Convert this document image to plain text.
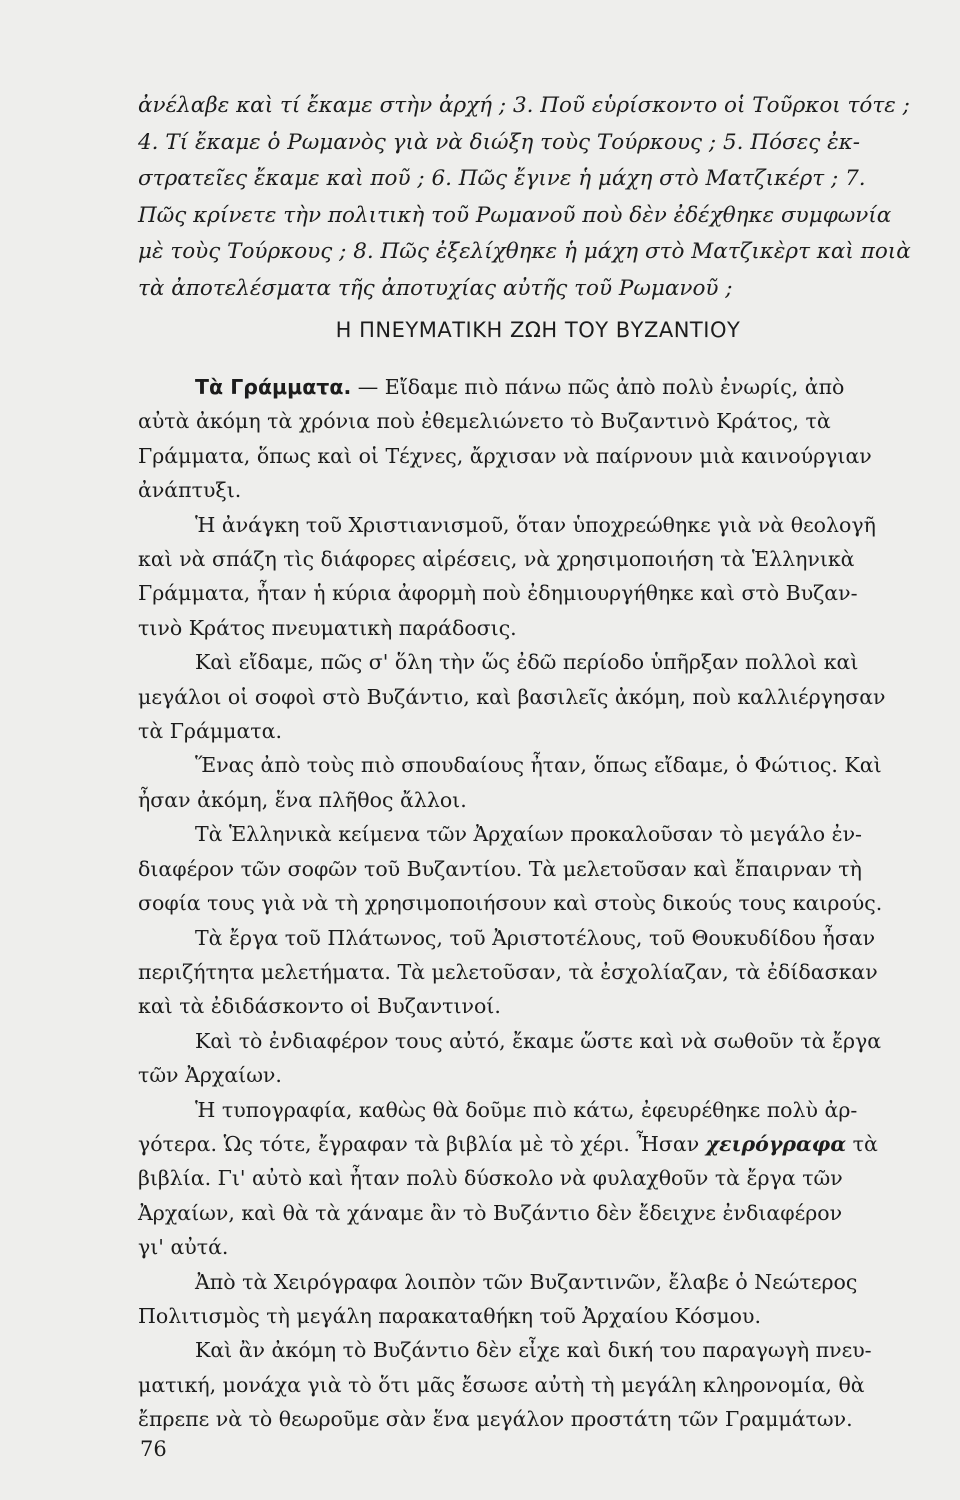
ἀνέλαβε καὶ τί ἔκαμε στὴν ἀρχή ; 3. Ποῦ εὑρίσκοντο οἱ Τοῦρκοι τότε ;
4. Τί ἔκαμε ὁ Ρωμανὸς γιὰ νὰ διώξη τοὺς Τούρκους ; 5. Πόσες ἐκ-
στρατεῖες ἔκαμε καὶ ποῦ ; 6. Πῶς ἔγινε ἡ μάχη στὸ Ματζικέρτ ; 7.
Πῶς κρίνετε τὴν πολιτικὴ τοῦ Ρωμανοῦ ποὺ δὲν ἐδέχθηκε συμφωνία
μὲ τοὺς Τούρκους ; 8. Πῶς ἐξελίχθηκε ἡ μάχη στὸ Ματζικὲρτ καὶ ποιὰ
τὰ ἀποτελέσματα τῆς ἀποτυχίας αὐτῆς τοῦ Ρωμανοῦ ;
Η ΠΝΕΥΜΑΤΙΚΗ ΖΩΗ ΤΟΥ ΒΥΖΑΝΤΙΟΥ
Τὰ Γράμματα. — Εἴδαμε πιὸ πάνω πῶς ἀπὸ πολὺ ἐνωρίς, ἀπὸ
αὐτὰ ἀκόμη τὰ χρόνια ποὺ ἐθεμελιώνετο τὸ Βυζαντινὸ Κράτος, τὰ
Γράμματα, ὅπως καὶ οἱ Τέχνες, ἄρχισαν νὰ παίρνουν μιὰ καινούργιαν
ἀνάπτυξι.
Ἡ ἀνάγκη τοῦ Χριστιανισμοῦ, ὅταν ὑποχρεώθηκε γιὰ νὰ θεολογῆ
καὶ νὰ σπάζη τὶς διάφορες αἱρέσεις, νὰ χρησιμοποιήση τὰ Ἑλληνικὰ
Γράμματα, ἦταν ἡ κύρια ἀφορμὴ ποὺ ἐδημιουργήθηκε καὶ στὸ Βυζαν-
τινὸ Κράτος πνευματικὴ παράδοσις.
Καὶ εἴδαμε, πῶς σ' ὅλη τὴν ὥς ἐδῶ περίοδο ὑπῆρξαν πολλοὶ καὶ
μεγάλοι οἱ σοφοὶ στὸ Βυζάντιο, καὶ βασιλεῖς ἀκόμη, ποὺ καλλιέργησαν
τὰ Γράμματα.
Ἕνας ἀπὸ τοὺς πιὸ σπουδαίους ἦταν, ὅπως εἴδαμε, ὁ Φώτιος. Καὶ
ἦσαν ἀκόμη, ἕνα πλῆθος ἄλλοι.
Τὰ Ἑλληνικὰ κείμενα τῶν Ἀρχαίων προκαλοῦσαν τὸ μεγάλο ἐν-
διαφέρον τῶν σοφῶν τοῦ Βυζαντίου. Τὰ μελετοῦσαν καὶ ἔπαιρναν τὴ
σοφία τους γιὰ νὰ τὴ χρησιμοποιήσουν καὶ στοὺς δικούς τους καιρούς.
Τὰ ἔργα τοῦ Πλάτωνος, τοῦ Ἀριστοτέλους, τοῦ Θουκυδίδου ἦσαν
περιζήτητα μελετήματα. Τὰ μελετοῦσαν, τὰ ἐσχολίαζαν, τὰ ἐδίδασκαν
καὶ τὰ ἐδιδάσκοντο οἱ Βυζαντινοί.
Καὶ τὸ ἐνδιαφέρον τους αὐτό, ἔκαμε ὥστε καὶ νὰ σωθοῦν τὰ ἔργα
τῶν Ἀρχαίων.
Ἡ τυπογραφία, καθὼς θὰ δοῦμε πιὸ κάτω, ἐφευρέθηκε πολὺ ἀρ-
γότερα. Ὡς τότε, ἔγραφαν τὰ βιβλία μὲ τὸ χέρι. Ἦσαν χειρόγραφα τὰ
βιβλία. Γι' αὐτὸ καὶ ἦταν πολὺ δύσκολο νὰ φυλαχθοῦν τὰ ἔργα τῶν
Ἀρχαίων, καὶ θὰ τὰ χάναμε ἂν τὸ Βυζάντιο δὲν ἔδειχνε ἐνδιαφέρον
γι' αὐτά.
Ἀπὸ τὰ Χειρόγραφα λοιπὸν τῶν Βυζαντινῶν, ἔλαβε ὁ Νεώτερος
Πολιτισμὸς τὴ μεγάλη παρακαταθήκη τοῦ Ἀρχαίου Κόσμου.
Καὶ ἂν ἀκόμη τὸ Βυζάντιο δὲν εἶχε καὶ δική του παραγωγὴ πνευ-
ματική, μονάχα γιὰ τὸ ὅτι μᾶς ἔσωσε αὐτὴ τὴ μεγάλη κληρονομία, θὰ
ἔπρεπε νὰ τὸ θεωροῦμε σὰν ἕνα μεγάλον προστάτη τῶν Γραμμάτων.
76
